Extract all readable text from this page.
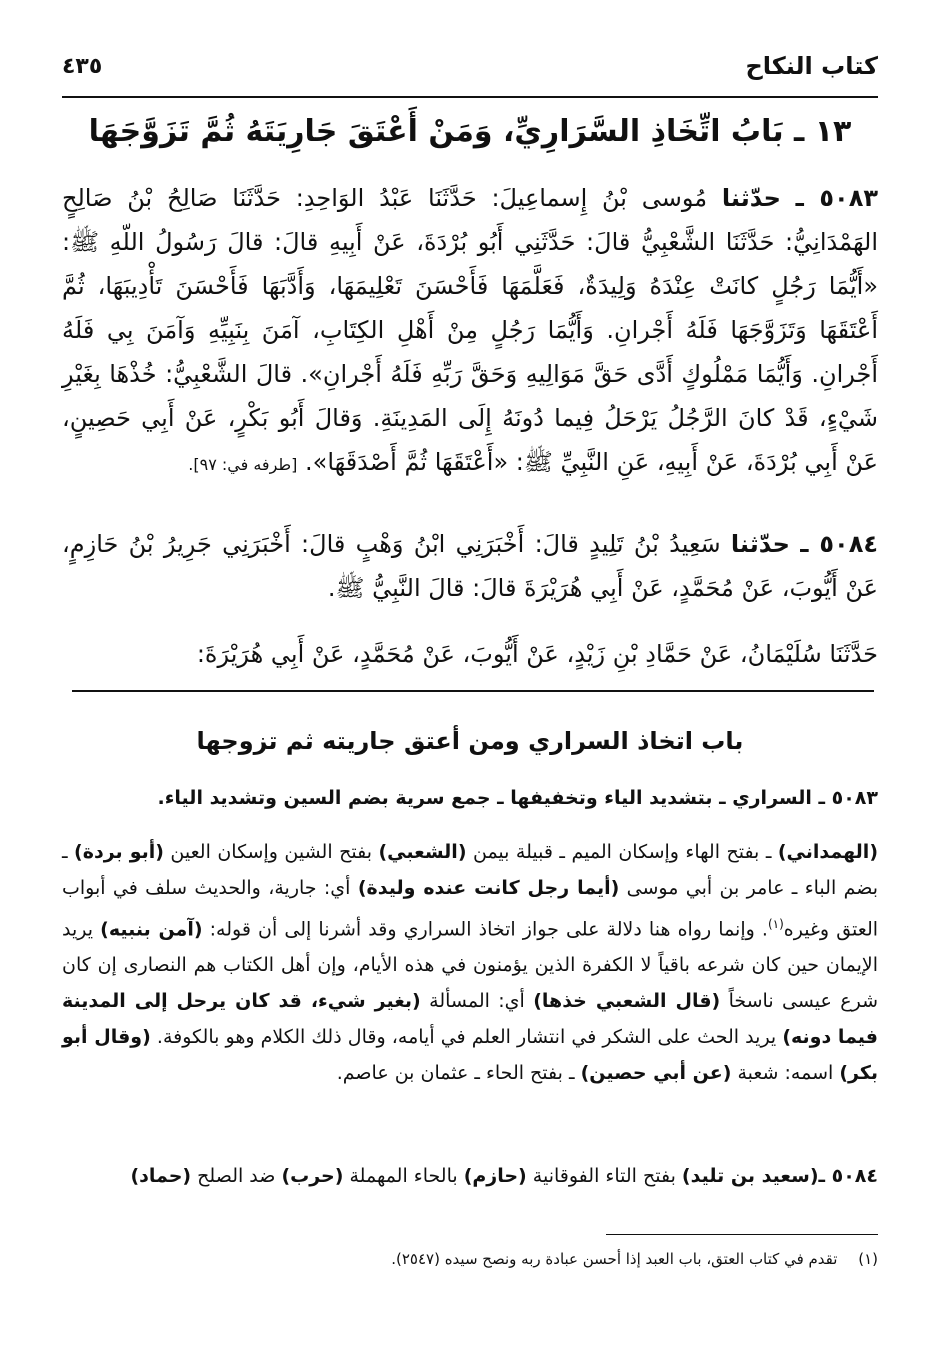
كتاب النكاح
٤٣٥
١٣ ـ بَابُ اتِّخَاذِ السَّرَارِيِّ، وَمَنْ أَعْتَقَ جَارِيَتَهُ ثُمَّ تَزَوَّجَهَا
٥٠٨٣ ـ حدّثنا مُوسى بْنُ إِسماعِيلَ: حَدَّثَنَا عَبْدُ الوَاحِدِ: حَدَّثَنَا صَالِحُ بْنُ صَالِحٍ الهَمْدَانِيُّ: حَدَّثَنَا الشَّعْبِيُّ قالَ: حَدَّثَنِي أَبُو بُرْدَةَ، عَنْ أَبِيهِ قالَ: قالَ رَسُولُ اللّهِ ﷺ: «أَيُّمَا رَجُلٍ كانَتْ عِنْدَهُ وَلِيدَةٌ، فَعَلَّمَهَا فَأَحْسَنَ تَعْلِيمَهَا، وَأَدَّبَهَا فَأَحْسَنَ تَأْدِيبَهَا، ثُمَّ أَعْتَقَهَا وَتَزَوَّجَهَا فَلَهُ أَجْرانِ. وَأَيُّمَا رَجُلٍ مِنْ أَهْلِ الكِتَابِ، آمَنَ بِنَبِيِّهِ وَآمَنَ بِي فَلَهُ أَجْرانِ. وَأَيُّمَا مَمْلُوكٍ أَدَّى حَقَّ مَوَالِيهِ وَحَقَّ رَبِّهِ فَلَهُ أَجْرانِ». قالَ الشَّعْبِيُّ: خُذْهَا بِغَيْرِ شَيْءٍ، قَدْ كانَ الرَّجُلُ يَرْحَلُ فِيما دُونَهُ إِلَى المَدِينَةِ. وَقالَ أَبُو بَكْرٍ، عَنْ أَبِي حَصِينٍ، عَنْ أَبِي بُرْدَةَ، عَنْ أَبِيهِ، عَنِ النَّبِيِّ ﷺ: «أَعْتَقَهَا ثُمَّ أَصْدَقَهَا». [طرفه في: ٩٧].
٥٠٨٤ ـ حدّثنا سَعِيدُ بْنُ تَلِيدٍ قالَ: أَخْبَرَنِي ابْنُ وَهْبٍ قالَ: أَخْبَرَنِي جَرِيرُ بْنُ حَازِمٍ، عَنْ أَيُّوبَ، عَنْ مُحَمَّدٍ، عَنْ أَبِي هُرَيْرَةَ قالَ: قالَ النَّبِيُّ ﷺ.
حَدَّثَنَا سُلَيْمَانُ، عَنْ حَمَّادِ بْنِ زَيْدٍ، عَنْ أَيُّوبَ، عَنْ مُحَمَّدٍ، عَنْ أَبِي هُرَيْرَةَ:
باب اتخاذ السراري ومن أعتق جاريته ثم تزوجها
٥٠٨٣ ـ السراري ـ بتشديد الياء وتخفيفها ـ جمع سرية بضم السين وتشديد الياء.
(الهمداني) ـ بفتح الهاء وإسكان الميم ـ قبيلة بيمن (الشعبي) بفتح الشين وإسكان العين (أبو بردة) ـ بضم الباء ـ عامر بن أبي موسى (أيما رجل كانت عنده وليدة) أي: جارية، والحديث سلف في أبواب العتق وغيره$^{(١)}$. وإنما رواه هنا دلالة على جواز اتخاذ السراري وقد أشرنا إلى أن قوله: (آمن بنبيه) يريد الإيمان حين كان شرعه باقياً لا الكفرة الذين يؤمنون في هذه الأيام، وإن أهل الكتاب هم النصارى إن كان شرع عيسى ناسخاً (قال الشعبي خذها) أي: المسألة (بغير شيء، قد كان يرحل إلى المدينة فيما دونه) يريد الحث على الشكر في انتشار العلم في أيامه، وقال ذلك الكلام وهو بالكوفة. (وقال أبو بكر) اسمه: شعبة (عن أبي حصين) ـ بفتح الحاء ـ عثمان بن عاصم.
٥٠٨٤ ـ(سعيد بن تليد) بفتح التاء الفوقانية (حازم) بالحاء المهملة (حرب) ضد الصلح (حماد)
(١) تقدم في كتاب العتق، باب العبد إذا أحسن عبادة ربه ونصح سيده (٢٥٤٧).
